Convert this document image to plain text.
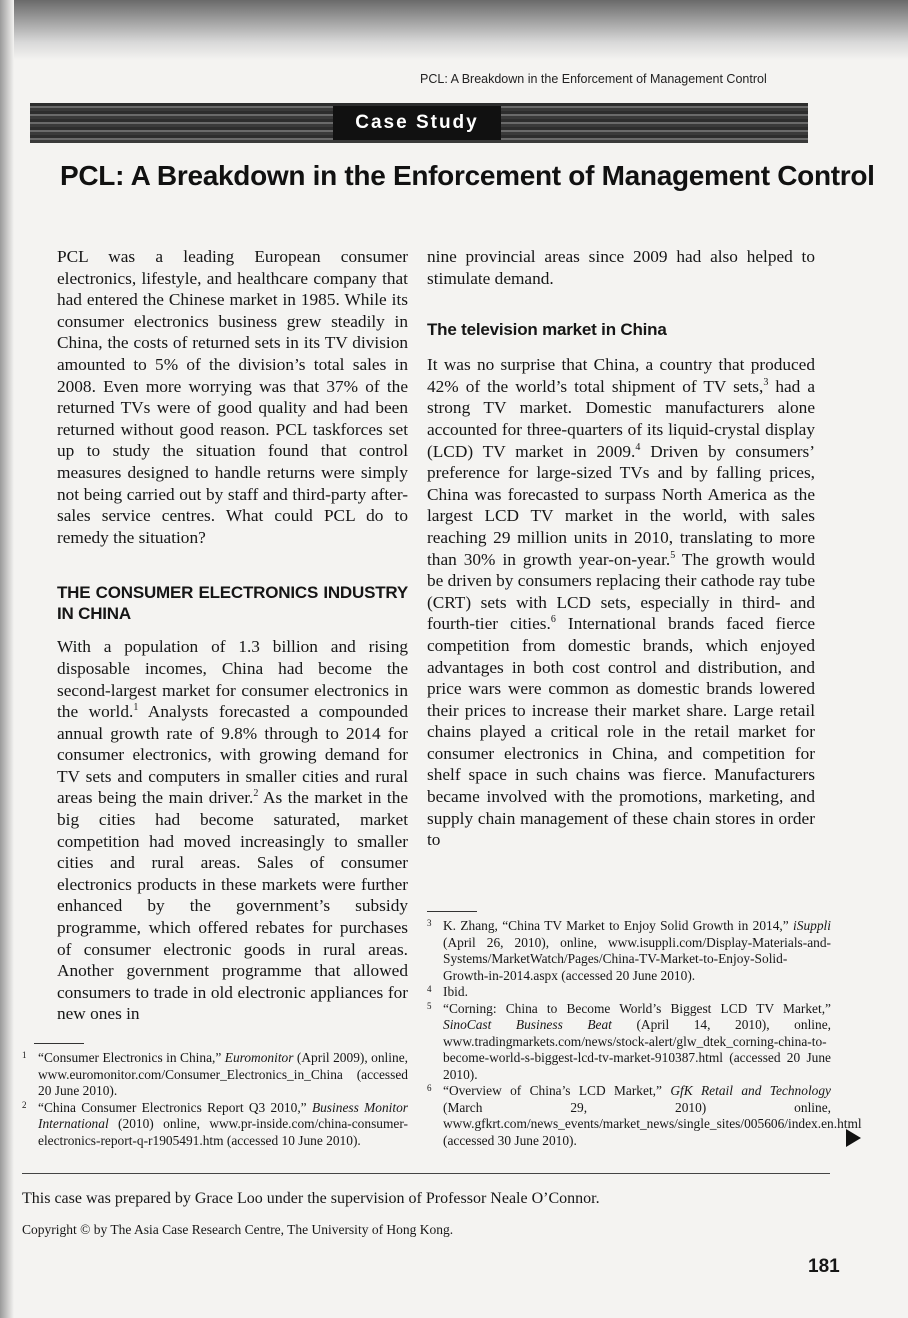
PCL: A Breakdown in the Enforcement of Management Control
Case Study
PCL: A Breakdown in the Enforcement of Management Control

PCL was a leading European consumer electronics, lifestyle, and healthcare company that had entered the Chinese market in 1985. While its consumer electronics business grew steadily in China, the costs of returned sets in its TV division amounted to 5% of the division’s total sales in 2008. Even more worrying was that 37% of the returned TVs were of good quality and had been returned without good reason. PCL taskforces set up to study the situation found that control measures designed to handle returns were simply not being carried out by staff and third-party after-sales service centres. What could PCL do to remedy the situation?

THE CONSUMER ELECTRONICS INDUSTRY IN CHINA

With a population of 1.3 billion and rising disposable incomes, China had become the second-largest market for consumer electronics in the world.$^1$ Analysts forecasted a compounded annual growth rate of 9.8% through to 2014 for consumer electronics, with growing demand for TV sets and computers in smaller cities and rural areas being the main driver.$^2$ As the market in the big cities had become saturated, market competition had moved increasingly to smaller cities and rural areas. Sales of consumer electronics products in these markets were further enhanced by the government’s subsidy programme, which offered rebates for purchases of consumer electronic goods in rural areas. Another government programme that allowed consumers to trade in old electronic appliances for new ones in

1 “Consumer Electronics in China,” Euromonitor (April 2009), online, www.euromonitor.com/Consumer_Electronics_in_China (accessed 20 June 2010).
2 “China Consumer Electronics Report Q3 2010,” Business Monitor International (2010) online, www.pr-inside.com/china-consumer-electronics-report-q-r1905491.htm (accessed 10 June 2010).

nine provincial areas since 2009 had also helped to stimulate demand.

The television market in China

It was no surprise that China, a country that produced 42% of the world’s total shipment of TV sets,$^3$ had a strong TV market. Domestic manufacturers alone accounted for three-quarters of its liquid-crystal display (LCD) TV market in 2009.$^4$ Driven by consumers’ preference for large-sized TVs and by falling prices, China was forecasted to surpass North America as the largest LCD TV market in the world, with sales reaching 29 million units in 2010, translating to more than 30% in growth year-on-year.$^5$ The growth would be driven by consumers replacing their cathode ray tube (CRT) sets with LCD sets, especially in third- and fourth-tier cities.$^6$ International brands faced fierce competition from domestic brands, which enjoyed advantages in both cost control and distribution, and price wars were common as domestic brands lowered their prices to increase their market share. Large retail chains played a critical role in the retail market for consumer electronics in China, and competition for shelf space in such chains was fierce. Manufacturers became involved with the promotions, marketing, and supply chain management of these chain stores in order to

3 K. Zhang, “China TV Market to Enjoy Solid Growth in 2014,” iSuppli (April 26, 2010), online, www.isuppli.com/Display-Materials-and-Systems/MarketWatch/Pages/China-TV-Market-to-Enjoy-Solid-Growth-in-2014.aspx (accessed 20 June 2010).
4 Ibid.
5 “Corning: China to Become World’s Biggest LCD TV Market,” SinoCast Business Beat (April 14, 2010), online, www.tradingmarkets.com/news/stock-alert/glw_dtek_corning-china-to-become-world-s-biggest-lcd-tv-market-910387.html (accessed 20 June 2010).
6 “Overview of China’s LCD Market,” GfK Retail and Technology (March 29, 2010) online, www.gfkrt.com/news_events/market_news/single_sites/005606/index.en.html (accessed 30 June 2010).
This case was prepared by Grace Loo under the supervision of Professor Neale O’Connor.
Copyright © by The Asia Case Research Centre, The University of Hong Kong.
181
